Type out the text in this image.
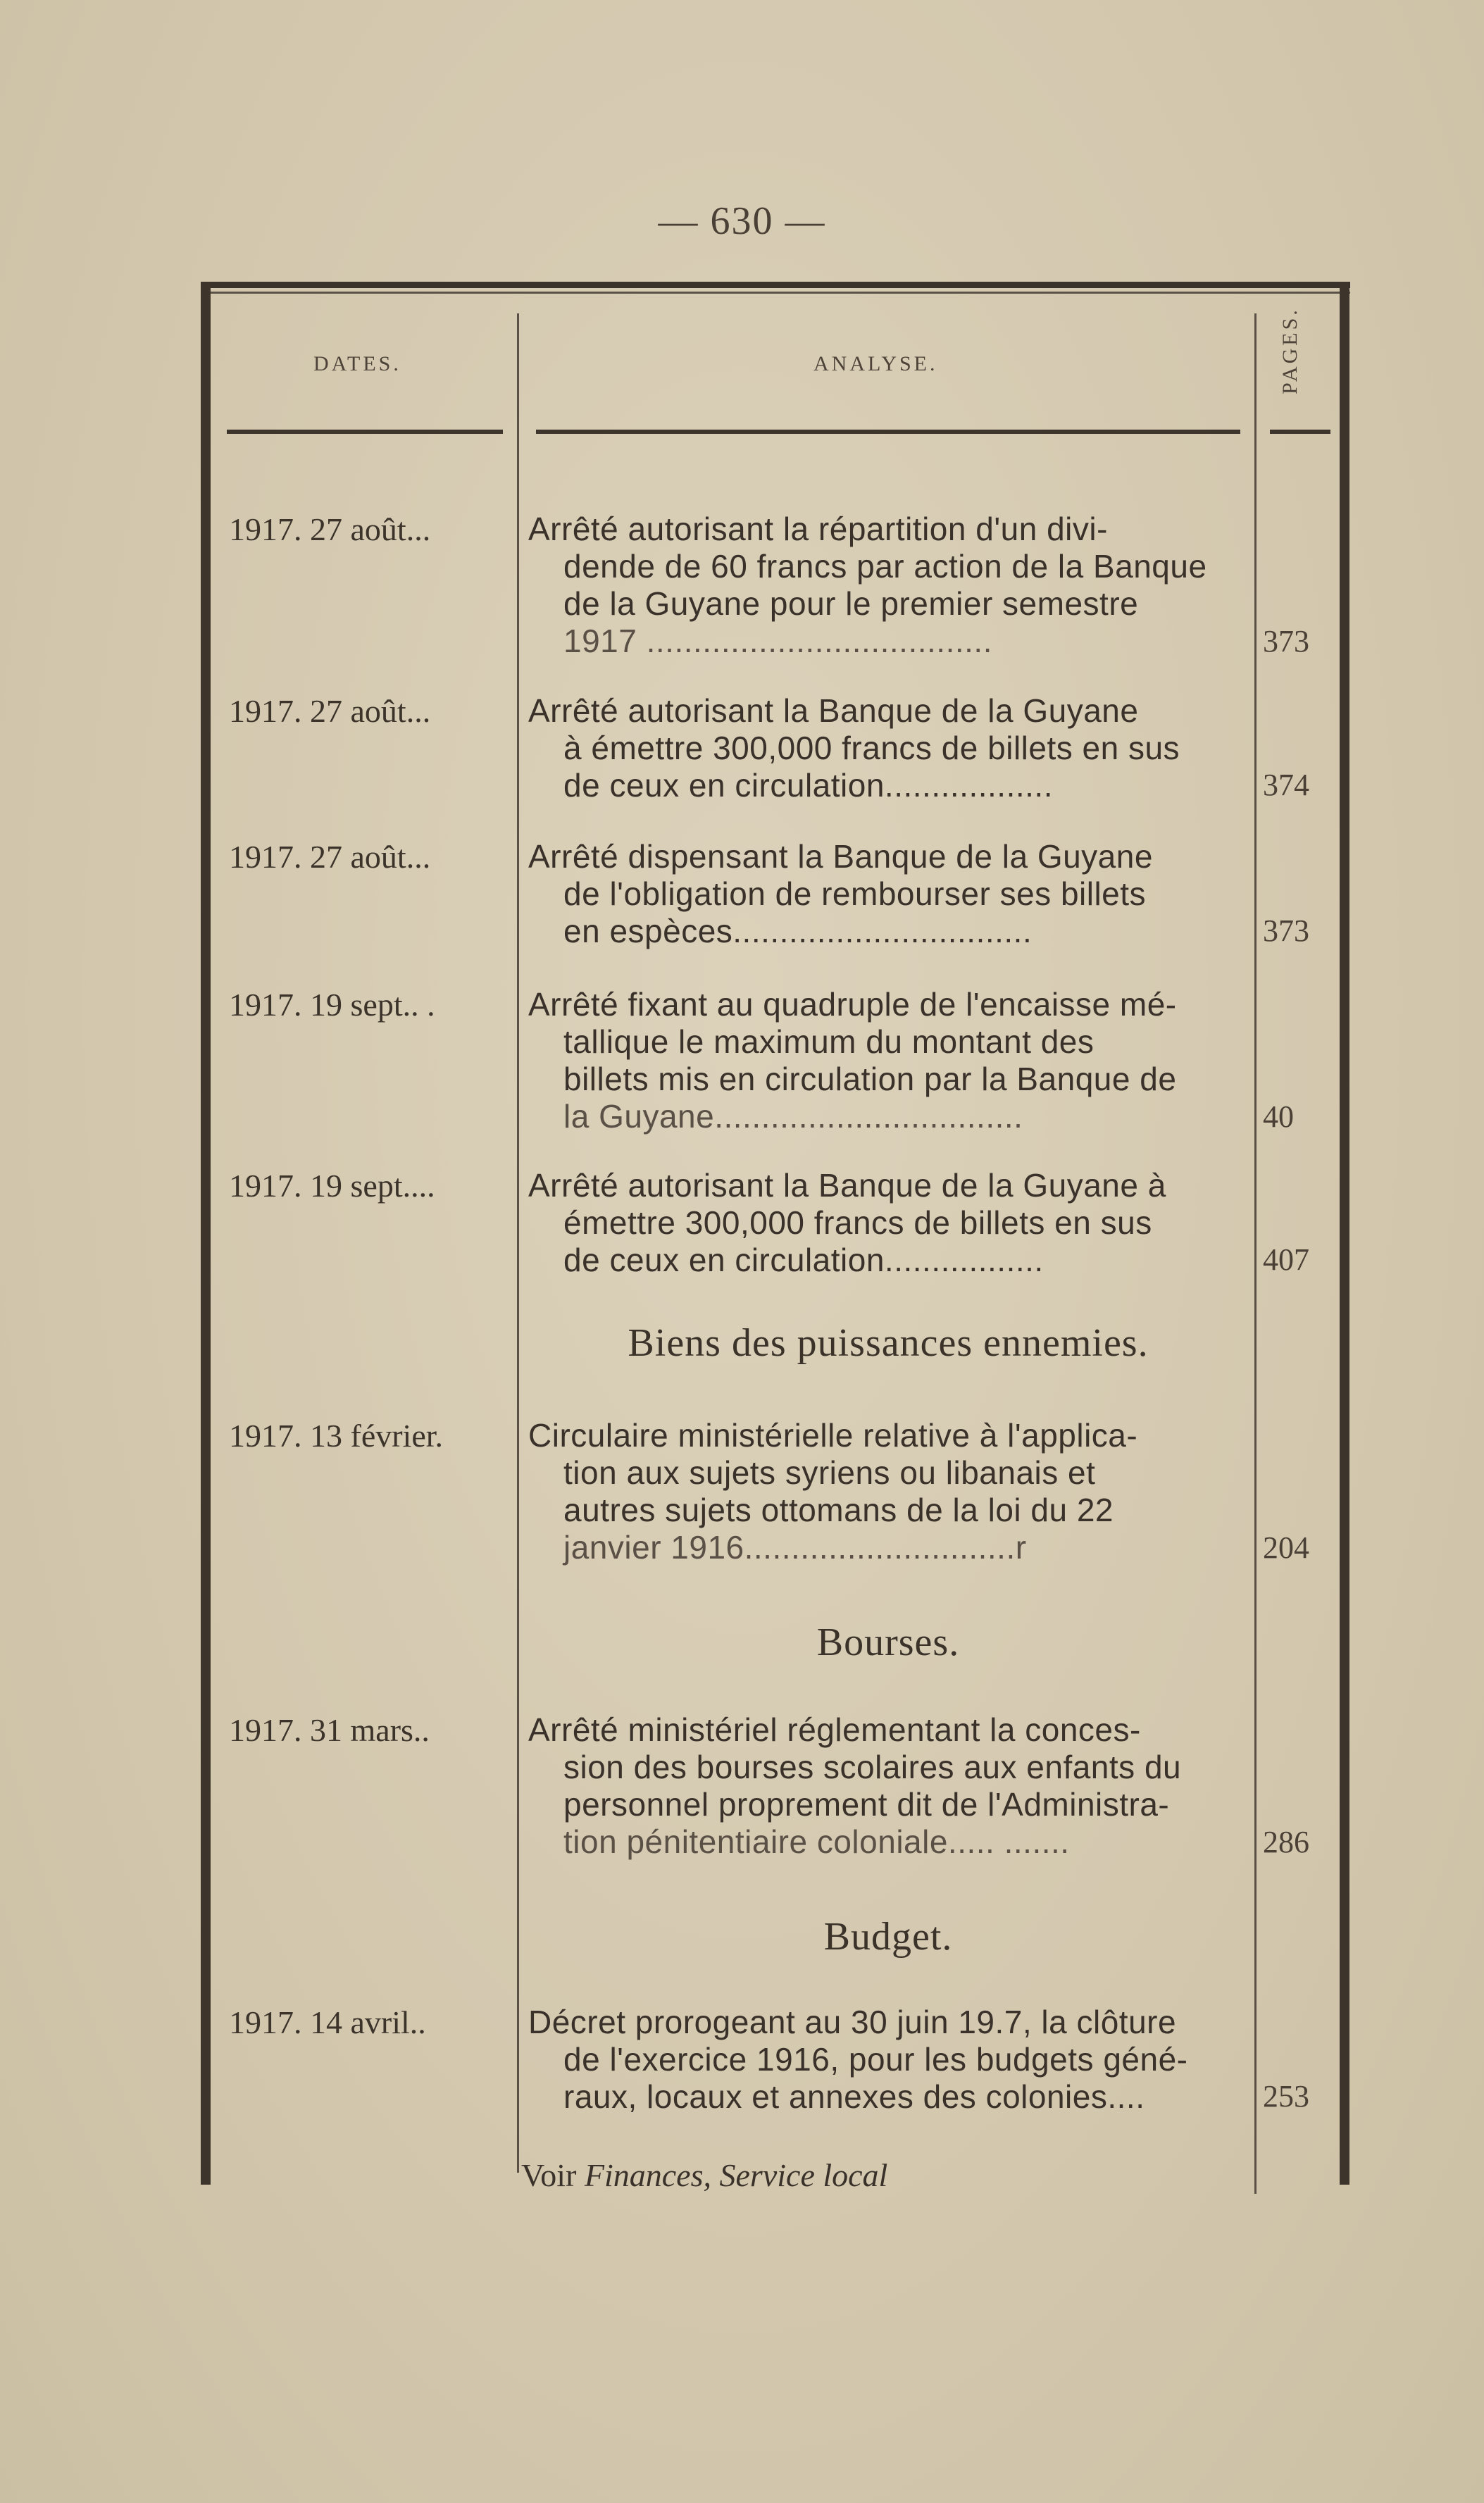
— 630 —
DATES.	ANALYSE.	PAGES.
1917. 27 août...	Arrêté autorisant la répartition d'un divi-
dende de 60 francs par action de la Banque
de la Guyane pour le premier semestre
1917 .....................................	373
1917. 27 août...	Arrêté autorisant la Banque de la Guyane
à émettre 300,000 francs de billets en sus
de ceux en circulation..................	374
1917. 27 août...	Arrêté dispensant la Banque de la Guyane
de l'obligation de rembourser ses billets
en espèces................................	373
1917. 19 sept.. .	Arrêté fixant au quadruple de l'encaisse mé-
tallique le maximum du montant des
billets mis en circulation par la Banque de
la Guyane.................................	40
1917. 19 sept....	Arrêté autorisant la Banque de la Guyane à
émettre 300,000 francs de billets en sus
de ceux en circulation.................	407
Biens des puissances ennemies.
1917. 13 février.	Circulaire ministérielle relative à l'applica-
tion aux sujets syriens ou libanais et
autres sujets ottomans de la loi du 22
janvier 1916.............................r	204
Bourses.
1917. 31 mars..	Arrêté ministériel réglementant la conces-
sion des bourses scolaires aux enfants du
personnel proprement dit de l'Administra-
tion pénitentiaire coloniale..... .......	286
Budget.
1917. 14 avril..	Décret prorogeant au 30 juin 19.7, la clôture
de l'exercice 1916, pour les budgets géné-
raux, locaux et annexes des colonies....	253
Voir Finances, Service local
